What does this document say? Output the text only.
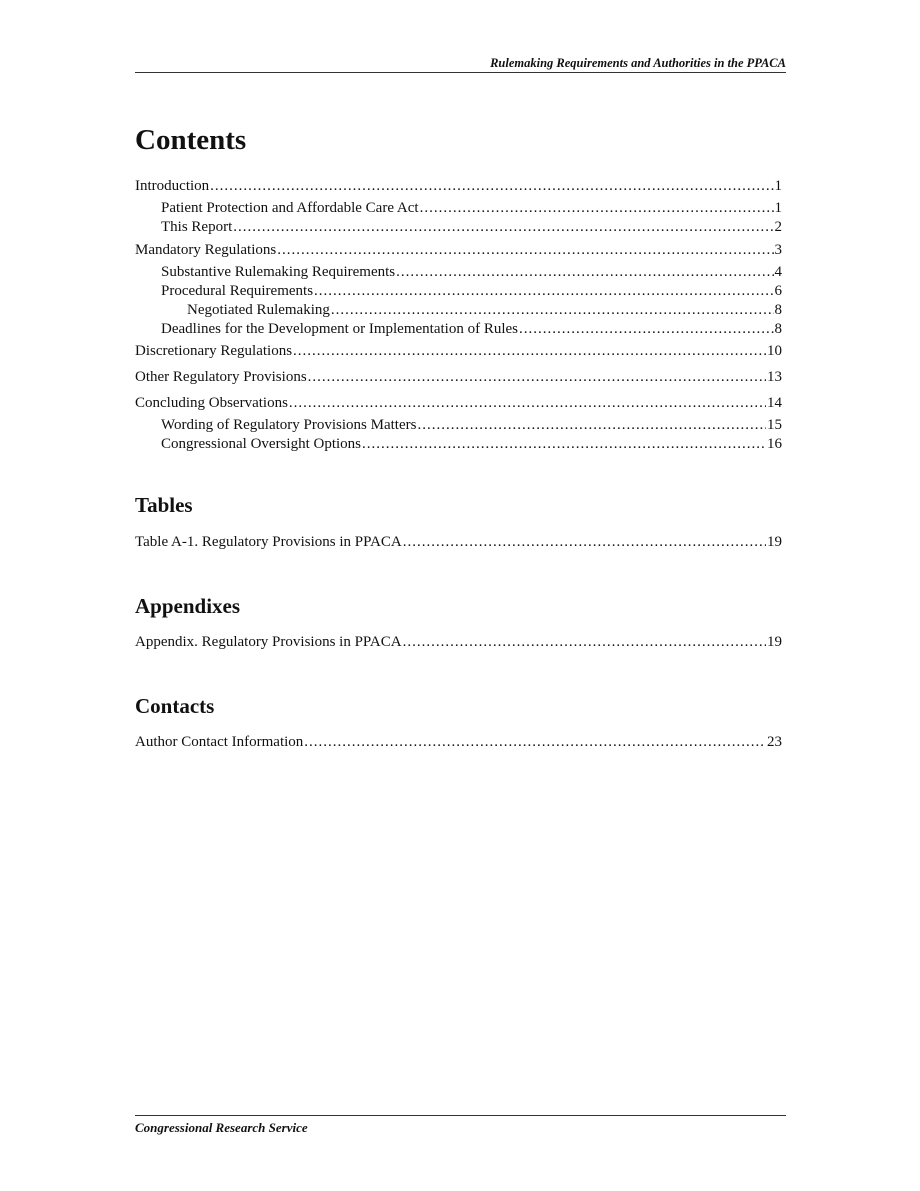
Rulemaking Requirements and Authorities in the PPACA
Contents
Introduction .....	1
Patient Protection and Affordable Care Act .....	1
This Report .....	2
Mandatory Regulations .....	3
Substantive Rulemaking Requirements .....	4
Procedural Requirements .....	6
Negotiated Rulemaking .....	8
Deadlines for the Development or Implementation of Rules .....	8
Discretionary Regulations .....	10
Other Regulatory Provisions .....	13
Concluding Observations .....	14
Wording of Regulatory Provisions Matters .....	15
Congressional Oversight Options .....	16
Tables
Table A-1. Regulatory Provisions in PPACA .....	19
Appendixes
Appendix. Regulatory Provisions in PPACA .....	19
Contacts
Author Contact Information .....	23
Congressional Research Service
